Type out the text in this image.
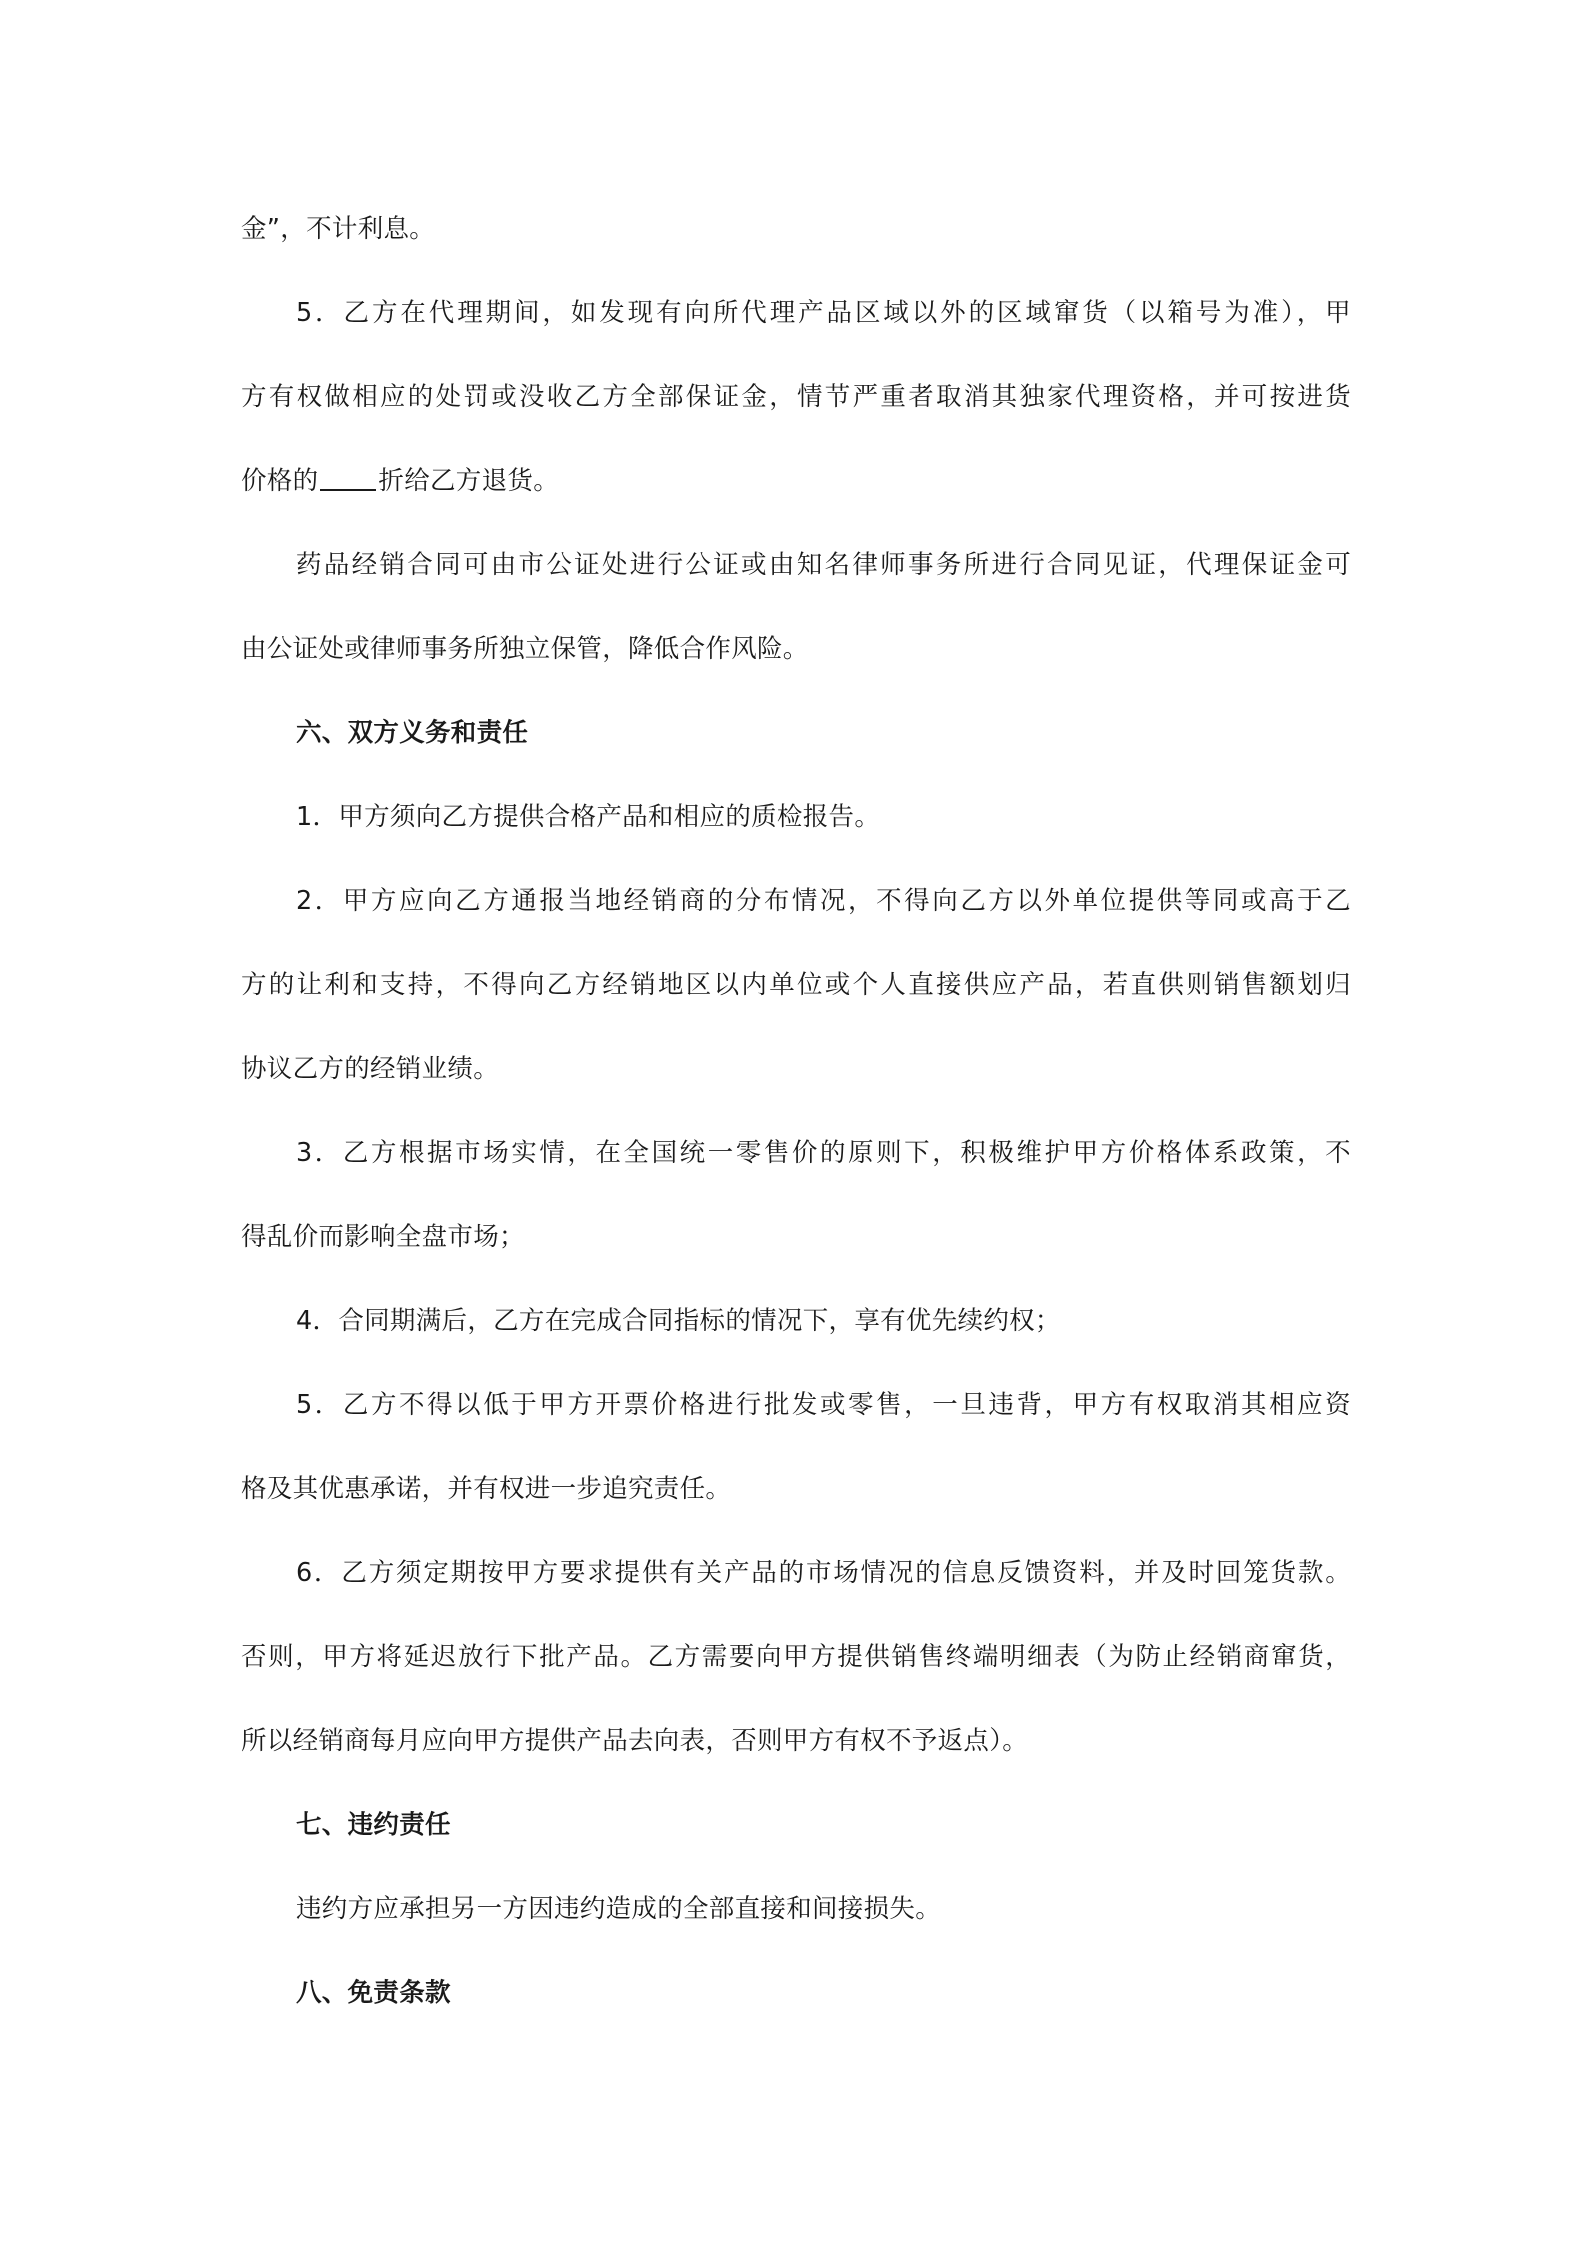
金”，不计利息。
5．乙方在代理期间，如发现有向所代理产品区域以外的区域窜货（以箱号为准），甲
方有权做相应的处罚或没收乙方全部保证金，情节严重者取消其独家代理资格，并可按进货
价格的 折给乙方退货。
药品经销合同可由市公证处进行公证或由知名律师事务所进行合同见证，代理保证金可
由公证处或律师事务所独立保管，降低合作风险。
六、双方义务和责任
1．甲方须向乙方提供合格产品和相应的质检报告。
2．甲方应向乙方通报当地经销商的分布情况，不得向乙方以外单位提供等同或高于乙
方的让利和支持，不得向乙方经销地区以内单位或个人直接供应产品，若直供则销售额划归
协议乙方的经销业绩。
3．乙方根据市场实情，在全国统一零售价的原则下，积极维护甲方价格体系政策，不
得乱价而影响全盘市场；
4．合同期满后，乙方在完成合同指标的情况下，享有优先续约权；
5．乙方不得以低于甲方开票价格进行批发或零售，一旦违背，甲方有权取消其相应资
格及其优惠承诺，并有权进一步追究责任。
6．乙方须定期按甲方要求提供有关产品的市场情况的信息反馈资料，并及时回笼货款。
否则，甲方将延迟放行下批产品。乙方需要向甲方提供销售终端明细表（为防止经销商窜货，
所以经销商每月应向甲方提供产品去向表，否则甲方有权不予返点）。
七、违约责任
违约方应承担另一方因违约造成的全部直接和间接损失。
八、免责条款
